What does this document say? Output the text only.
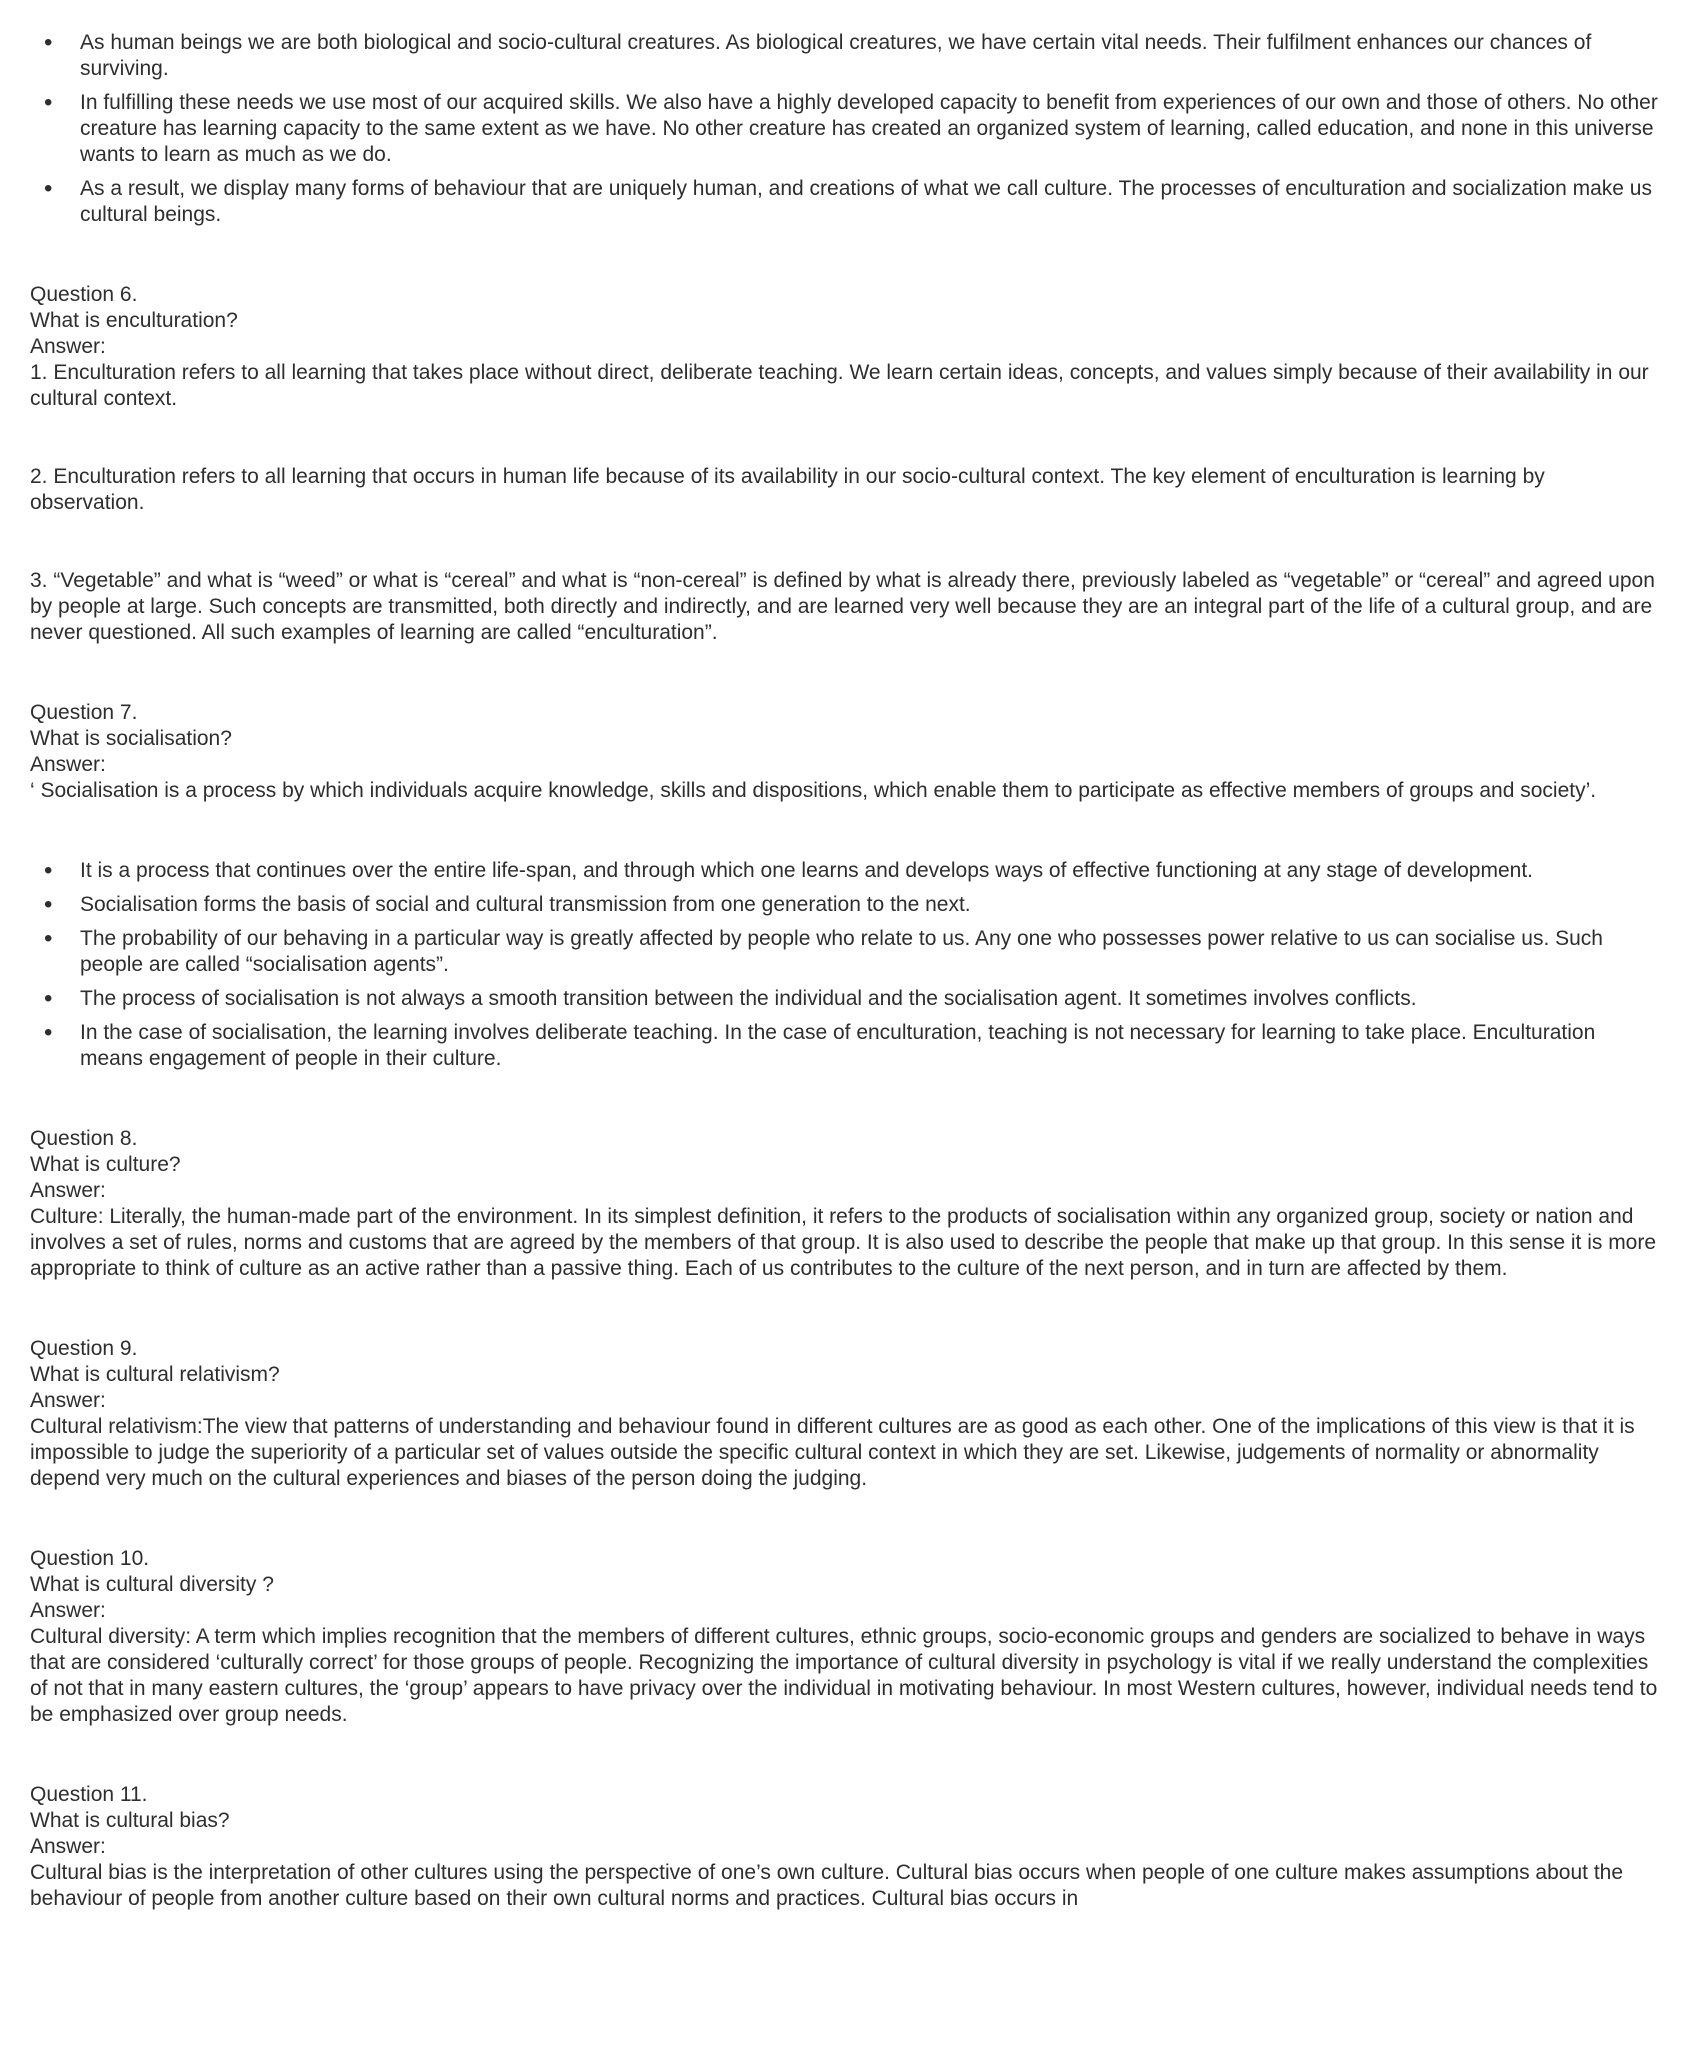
• As human beings we are both biological and socio-cultural creatures. As biological creatures, we have certain vital needs. Their fulfilment enhances our chances of surviving.
• In fulfilling these needs we use most of our acquired skills. We also have a highly developed capacity to benefit from experiences of our own and those of others. No other creature has learning capacity to the same extent as we have. No other creature has created an organized system of learning, called education, and none in this universe wants to learn as much as we do.
• As a result, we display many forms of behaviour that are uniquely human, and creations of what we call culture. The processes of enculturation and socialization make us cultural beings.
Question 6.
What is enculturation?
Answer:

1. Enculturation refers to all learning that takes place without direct, deliberate teaching. We learn certain ideas, concepts, and values simply because of their availability in our cultural context.

2. Enculturation refers to all learning that occurs in human life because of its availability in our socio-cultural context. The key element of enculturation is learning by observation.

3. “Vegetable” and what is “weed” or what is “cereal” and what is “non-cereal” is defined by what is already there, previously labeled as “vegetable” or “cereal” and agreed upon by people at large. Such concepts are transmitted, both directly and indirectly, and are learned very well because they are an integral part of the life of a cultural group, and are never questioned. All such examples of learning are called “enculturation”.

Question 7.
What is socialisation?
Answer:

‘ Socialisation is a process by which individuals acquire knowledge, skills and dispositions, which enable them to participate as effective members of groups and society’.

• It is a process that continues over the entire life-span, and through which one learns and develops ways of effective functioning at any stage of development.
• Socialisation forms the basis of social and cultural transmission from one generation to the next.
• The probability of our behaving in a particular way is greatly affected by people who relate to us. Any one who possesses power relative to us can socialise us. Such people are called “socialisation agents”.
• The process of socialisation is not always a smooth transition between the individual and the socialisation agent. It sometimes involves conflicts.
• In the case of socialisation, the learning involves deliberate teaching. In the case of enculturation, teaching is not necessary for learning to take place. Enculturation means engagement of people in their culture.
Question 8.
What is culture?
Answer:

Culture: Literally, the human-made part of the environment. In its simplest definition, it refers to the products of socialisation within any organized group, society or nation and involves a set of rules, norms and customs that are agreed by the members of that group. It is also used to describe the people that make up that group. In this sense it is more appropriate to think of culture as an active rather than a passive thing. Each of us contributes to the culture of the next person, and in turn are affected by them.

Question 9.
What is cultural relativism?
Answer:

Cultural relativism:The view that patterns of understanding and behaviour found in different cultures are as good as each other. One of the implications of this view is that it is impossible to judge the superiority of a particular set of values outside the specific cultural context in which they are set. Likewise, judgements of normality or abnormality depend very much on the cultural experiences and biases of the person doing the judging.

Question 10.
What is cultural diversity ?
Answer:

Cultural diversity: A term which implies recognition that the members of different cultures, ethnic groups, socio-economic groups and genders are socialized to behave in ways that are considered ‘culturally correct’ for those groups of people. Recognizing the importance of cultural diversity in psychology is vital if we really understand the complexities of not that in many eastern cultures, the ‘group’ appears to have privacy over the individual in motivating behaviour. In most Western cultures, however, individual needs tend to be emphasized over group needs.

Question 11.
What is cultural bias?
Answer:

Cultural bias is the interpretation of other cultures using the perspective of one’s own culture. Cultural bias occurs when people of one culture makes assumptions about the behaviour of people from another culture based on their own cultural norms and practices. Cultural bias occurs in
